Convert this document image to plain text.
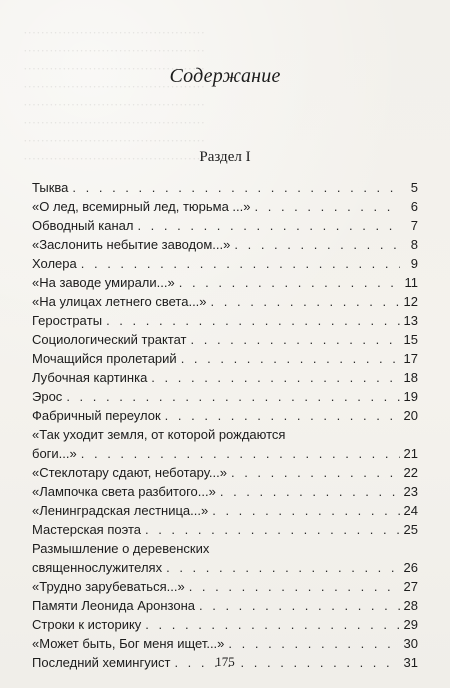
··········································
··········································
··········································
··········································
··········································
··········································
··········································
··········································
Содержание
Раздел I
Тыква . . .	5
«О лед, всемирный лед, тюрьма ...» . . .	6
Обводный канал . . .	7
«Заслонить небытие заводом...» . . .	8
Холера . . .	9
«На заводе умирали...» . . .	11
«На улицах летнего света...» . . .	12
Герострaты . . .	13
Социологический трактат . . .	15
Мочащийся пролетарий . . .	17
Лубочная картинка . . .	18
Эрос . . .	19
Фабричный переулок . . .	20
«Так уходит земля, от которой рождаются
боги...» . . .	21
«Стеклотару сдают, неботару...» . . .	22
«Лампочка света разбитого...» . . .	23
«Ленинградская лестница...» . . .	24
Мастерская поэта . . .	25
Размышление о деревенских
священнослужителях . . .	26
«Трудно зарубеваться...» . . .	27
Памяти Леонида Аронзона . . .	28
Строки к историку . . .	29
«Может быть, Бог меня ищет...» . . .	30
Последний хемингуист . . .	31
175
